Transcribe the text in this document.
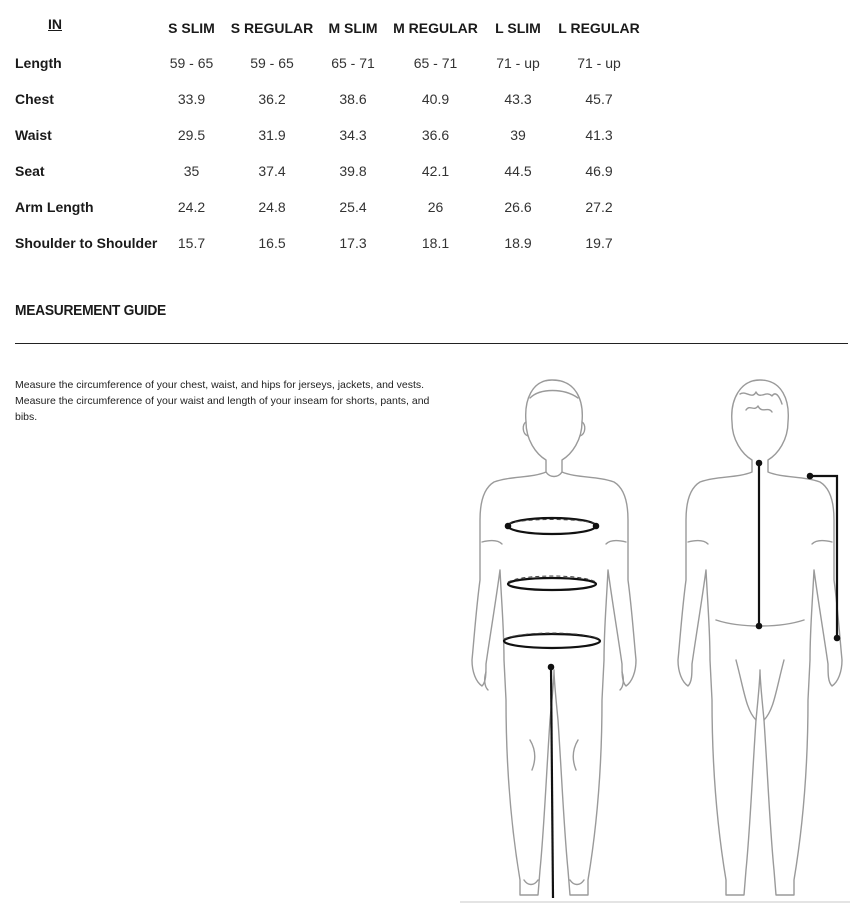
IN
		S SLIM	S REGULAR	M SLIM	M REGULAR	L SLIM	L REGULAR
Length	59 - 65	59 - 65	65 - 71	65 - 71	71 - up	71 - up
Chest	33.9	36.2	38.6	40.9	43.3	45.7
Waist	29.5	31.9	34.3	36.6	39	41.3
Seat	35	37.4	39.8	42.1	44.5	46.9
Arm Length	24.2	24.8	25.4	26	26.6	27.2
Shoulder to Shoulder	15.7	16.5	17.3	18.1	18.9	19.7
MEASUREMENT GUIDE

Measure the circumference of your chest, waist, and hips for jerseys, jackets, and vests.

Measure the circumference of your waist and length of your inseam for shorts, pants, and bibs.
